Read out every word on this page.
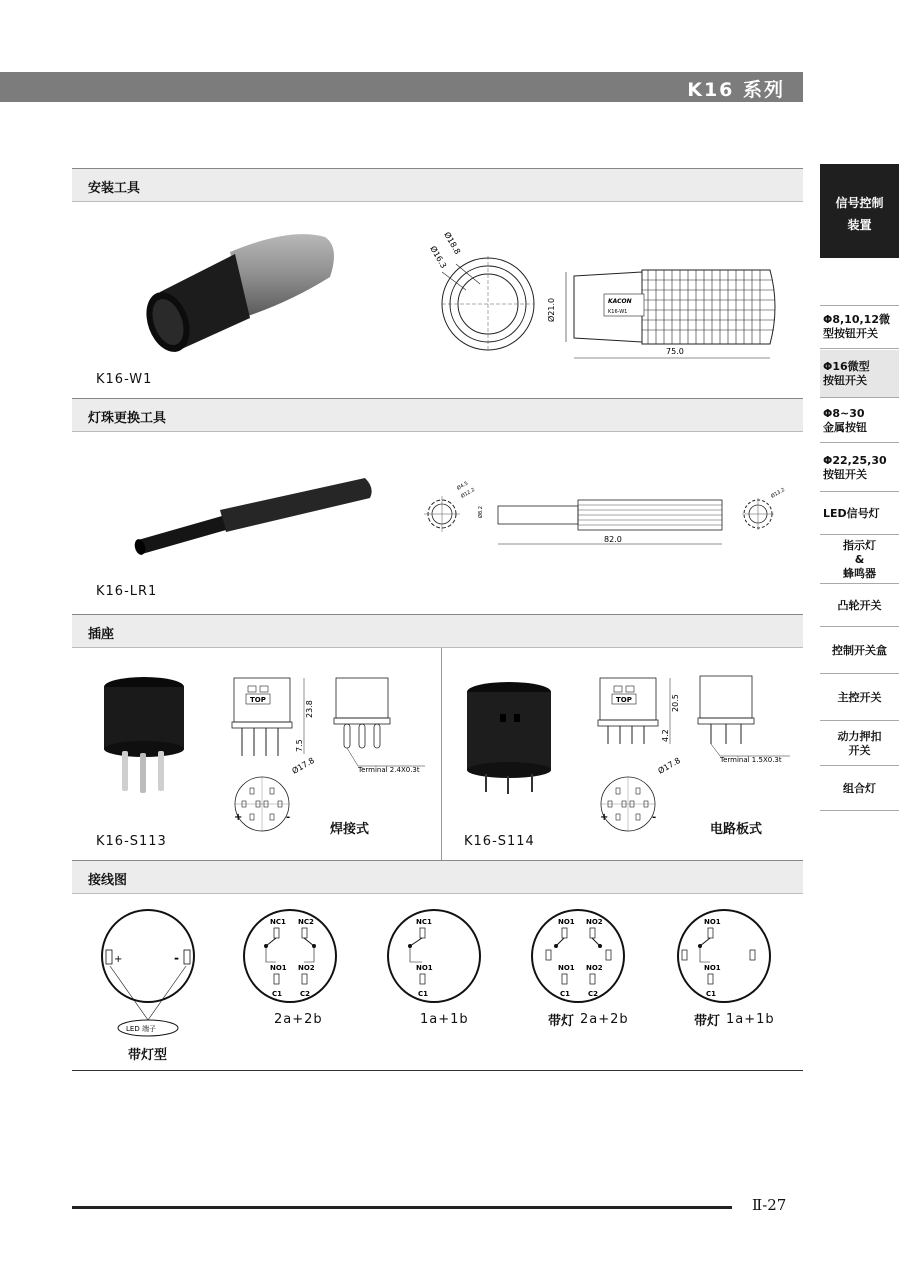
K16 系列
安装工具
K16-W1
Ø18.8
Ø16.3
Ø21.0	KACON
K16-W1
75.0
灯珠更换工具
K16-LR1
Ø4.5
Ø12.2
Ø8.2
82.0
Ø13.2
插座
K16-S113
TOP
23.8
7.5
Terminal 2.4X0.3t
+	-
Ø17.8
焊接式
K16-S114
TOP	20.5
4.2
Terminal 1.5X0.3t
+	-
Ø17.8
电路板式
接线图
+	-
LED 端子
带灯型
NC1 NC2
NO1 NO2
C1	C2
2a+2b
NC1
NO1
C1
1a+1b
NO1 NO2
NO1 NO2
C1	C2
带灯 2a+2b
NO1
NO1
C1
带灯 1a+1b
信号控制
装置
Φ8,10,12微
型按钮开关
Φ16微型
按钮开关
Φ8~30
金属按钮
Φ22,25,30
按钮开关
LED信号灯
指示灯
&
蜂鸣器
凸轮开关
控制开关盒
主控开关
动力押扣
开关
组合灯
Ⅱ-27
